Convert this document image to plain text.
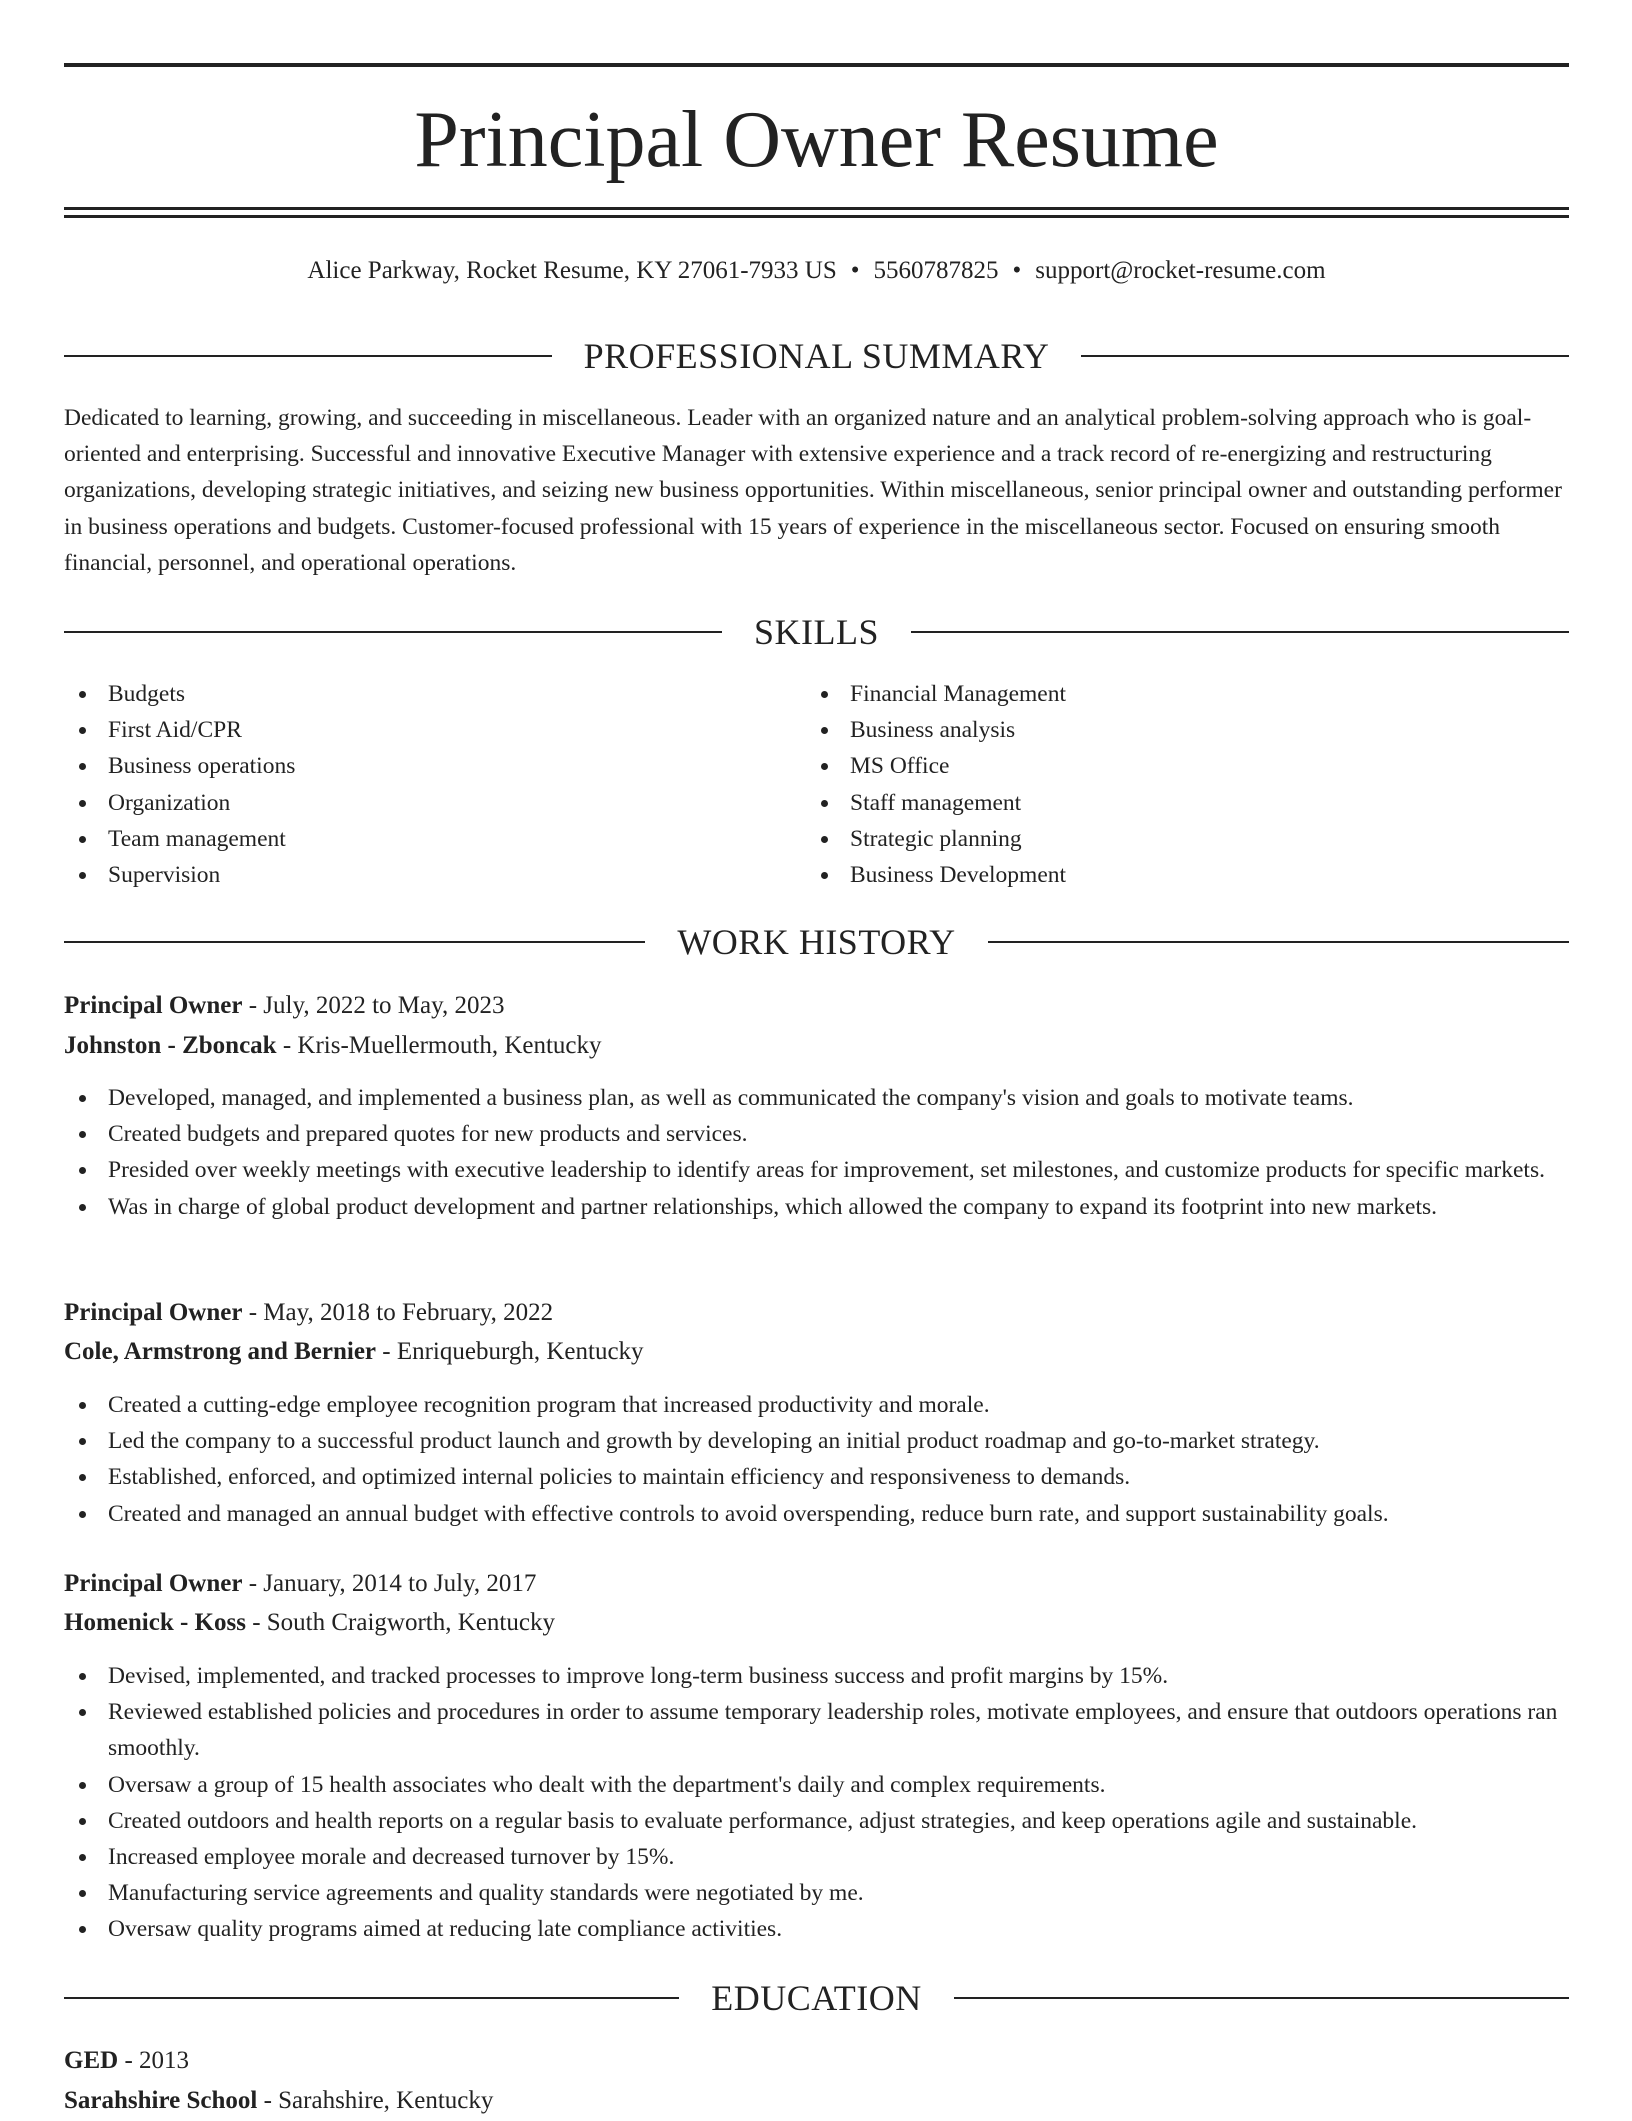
Principal Owner Resume
Alice Parkway, Rocket Resume, KY 27061-7933 US • 5560787825 • support@rocket-resume.com
PROFESSIONAL SUMMARY

Dedicated to learning, growing, and succeeding in miscellaneous. Leader with an organized nature and an analytical problem-solving approach who is goal-oriented and enterprising. Successful and innovative Executive Manager with extensive experience and a track record of re-energizing and restructuring organizations, developing strategic initiatives, and seizing new business opportunities. Within miscellaneous, senior principal owner and outstanding performer in business operations and budgets. Customer-focused professional with 15 years of experience in the miscellaneous sector. Focused on ensuring smooth financial, personnel, and operational operations.

SKILLS
Budgets
First Aid/CPR
Business operations
Organization
Team management
Supervision
Financial Management
Business analysis
MS Office
Staff management
Strategic planning
Business Development
WORK HISTORY
Principal Owner - July, 2022 to May, 2023
Johnston - Zboncak - Kris-Muellermouth, Kentucky
Developed, managed, and implemented a business plan, as well as communicated the company's vision and goals to motivate teams.
Created budgets and prepared quotes for new products and services.
Presided over weekly meetings with executive leadership to identify areas for improvement, set milestones, and customize products for specific markets.
Was in charge of global product development and partner relationships, which allowed the company to expand its footprint into new markets.
Principal Owner - May, 2018 to February, 2022
Cole, Armstrong and Bernier - Enriqueburgh, Kentucky
Created a cutting-edge employee recognition program that increased productivity and morale.
Led the company to a successful product launch and growth by developing an initial product roadmap and go-to-market strategy.
Established, enforced, and optimized internal policies to maintain efficiency and responsiveness to demands.
Created and managed an annual budget with effective controls to avoid overspending, reduce burn rate, and support sustainability goals.
Principal Owner - January, 2014 to July, 2017
Homenick - Koss - South Craigworth, Kentucky
Devised, implemented, and tracked processes to improve long-term business success and profit margins by 15%.
Reviewed established policies and procedures in order to assume temporary leadership roles, motivate employees, and ensure that outdoors operations ran smoothly.
Oversaw a group of 15 health associates who dealt with the department's daily and complex requirements.
Created outdoors and health reports on a regular basis to evaluate performance, adjust strategies, and keep operations agile and sustainable.
Increased employee morale and decreased turnover by 15%.
Manufacturing service agreements and quality standards were negotiated by me.
Oversaw quality programs aimed at reducing late compliance activities.
EDUCATION
GED - 2013
Sarahshire School - Sarahshire, Kentucky
